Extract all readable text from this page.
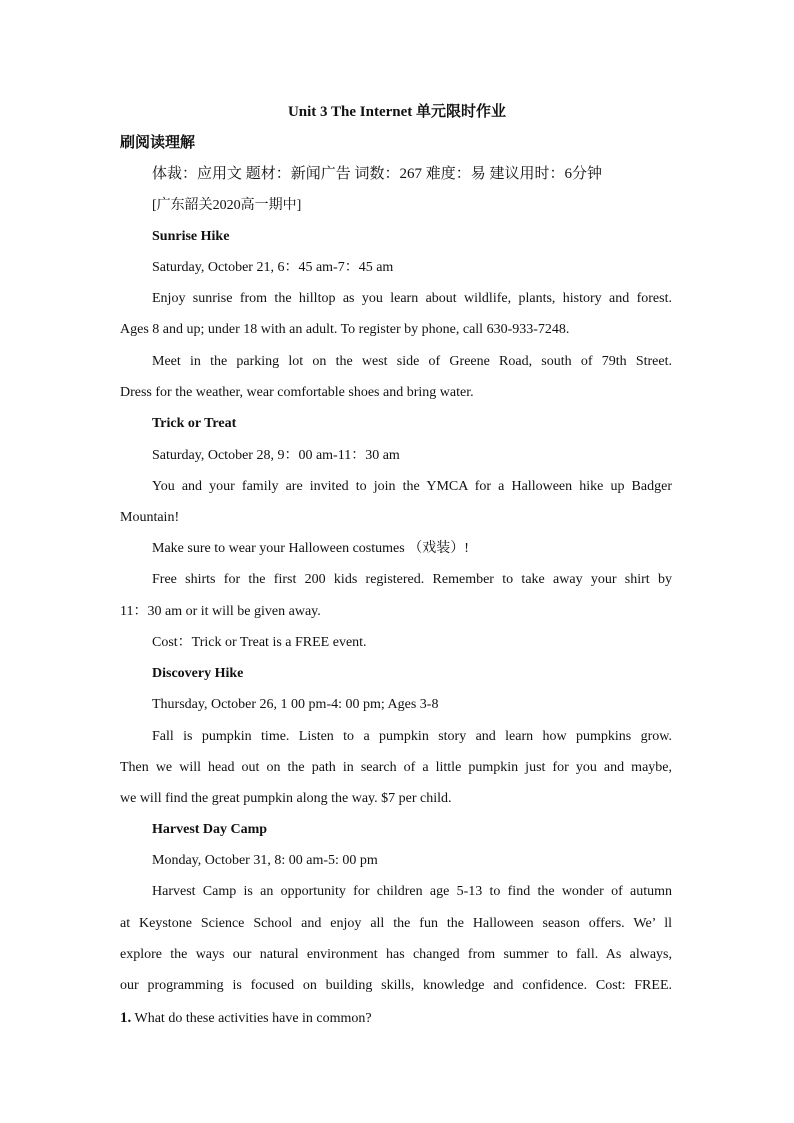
Unit 3 The Internet 单元限时作业
刷阅读理解
体裁：应用文 题材：新闻广告 词数：267 难度：易 建议用时：6分钟
[广东韶关2020高一期中]
Sunrise Hike
Saturday, October 21, 6：45 am-7：45 am
Enjoy sunrise from the hilltop as you learn about wildlife, plants, history and forest.
Ages 8 and up; under 18 with an adult. To register by phone, call 630-933-7248.
Meet in the parking lot on the west side of Greene Road, south of 79th Street.
Dress for the weather, wear comfortable shoes and bring water.
Trick or Treat
Saturday, October 28, 9：00 am-11：30 am
You and your family are invited to join the YMCA for a Halloween hike up Badger
Mountain!
Make sure to wear your Halloween costumes （戏装）!
Free shirts for the first 200 kids registered. Remember to take away your shirt by
11：30 am or it will be given away.
Cost：Trick or Treat is a FREE event.
Discovery Hike
Thursday, October 26, 1 00 pm-4: 00 pm; Ages 3-8
Fall is pumpkin time. Listen to a pumpkin story and learn how pumpkins grow.
Then we will head out on the path in search of a little pumpkin just for you and maybe,
we will find the great pumpkin along the way. $7 per child.
Harvest Day Camp
Monday, October 31, 8: 00 am-5: 00 pm
Harvest Camp is an opportunity for children age 5-13 to find the wonder of autumn
at Keystone Science School and enjoy all the fun the Halloween season offers. We’ ll
explore the ways our natural environment has changed from summer to fall. As always,
our programming is focused on building skills, knowledge and confidence. Cost: FREE.
1. What do these activities have in common?
